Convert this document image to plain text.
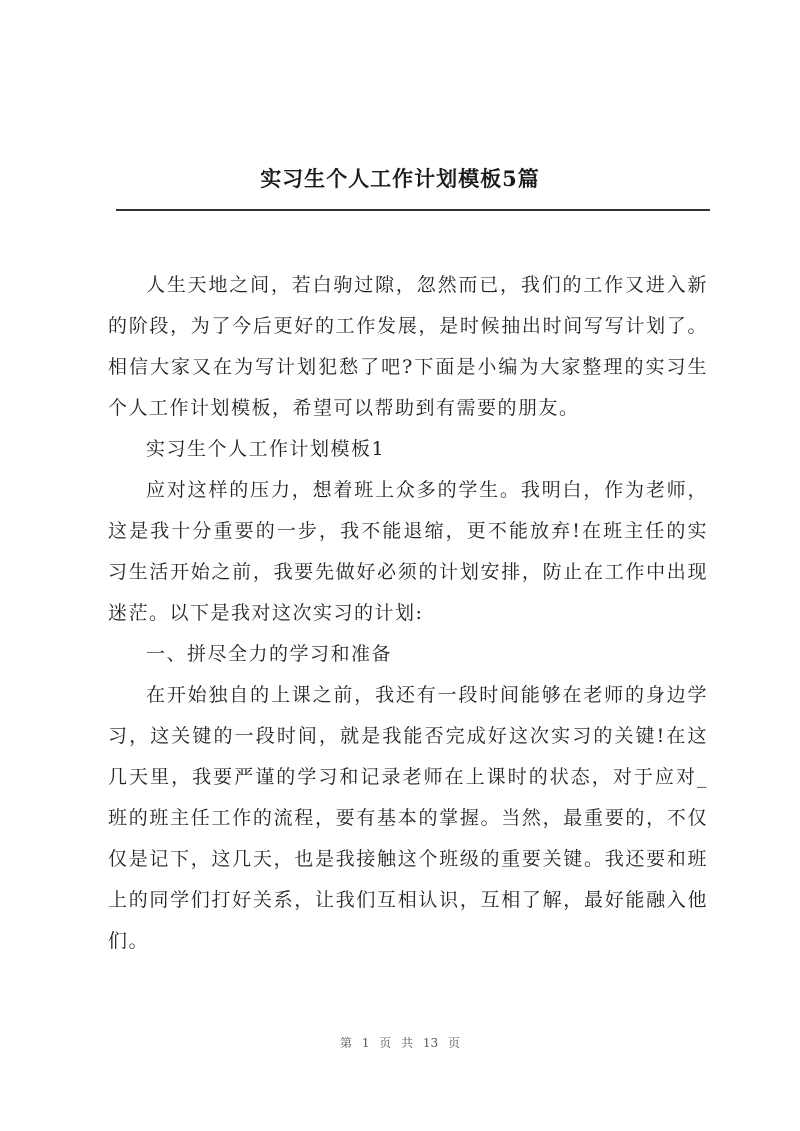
实习生个人工作计划模板5篇

人生天地之间，若白驹过隙，忽然而已，我们的工作又进入新的阶段，为了今后更好的工作发展，是时候抽出时间写写计划了。相信大家又在为写计划犯愁了吧?下面是小编为大家整理的实习生个人工作计划模板，希望可以帮助到有需要的朋友。

实习生个人工作计划模板1

应对这样的压力，想着班上众多的学生。我明白，作为老师，这是我十分重要的一步，我不能退缩，更不能放弃!在班主任的实习生活开始之前，我要先做好必须的计划安排，防止在工作中出现迷茫。以下是我对这次实习的计划:

一、拼尽全力的学习和准备

在开始独自的上课之前，我还有一段时间能够在老师的身边学习，这关键的一段时间，就是我能否完成好这次实习的关键!在这几天里，我要严谨的学习和记录老师在上课时的状态，对于应对_班的班主任工作的流程，要有基本的掌握。当然，最重要的，不仅仅是记下，这几天，也是我接触这个班级的重要关键。我还要和班上的同学们打好关系，让我们互相认识，互相了解，最好能融入他们。

第 1 页 共 13 页
